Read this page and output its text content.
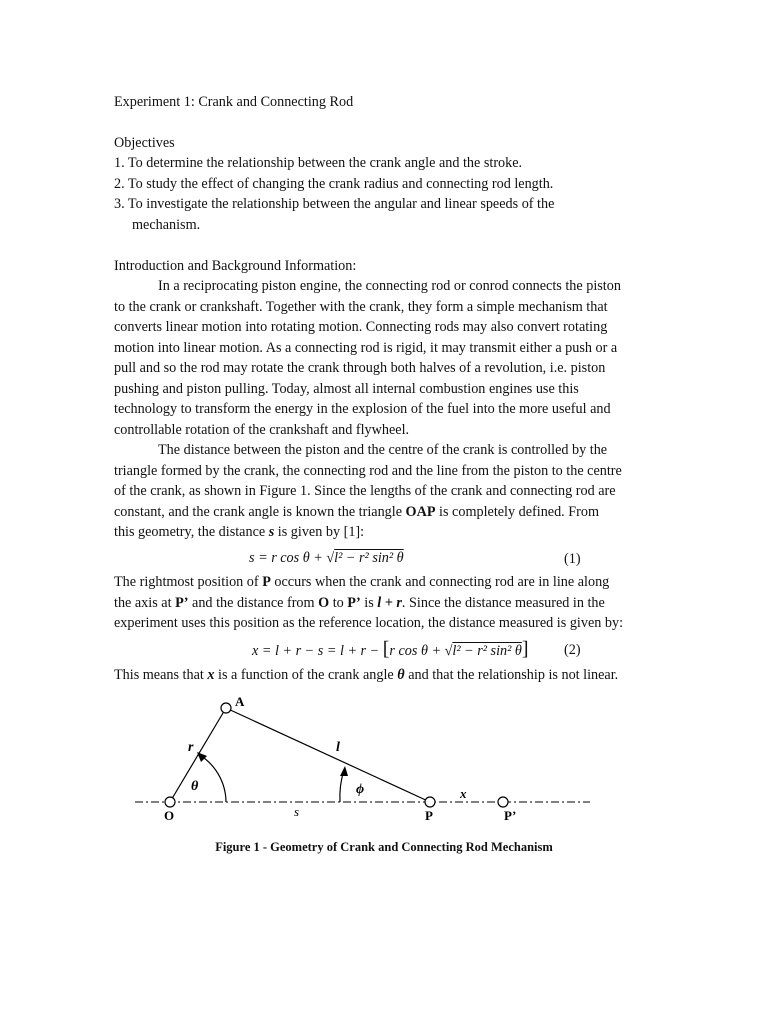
Experiment 1: Crank and Connecting Rod
Objectives
1. To determine the relationship between the crank angle and the stroke.
2. To study the effect of changing the crank radius and connecting rod length.
3. To investigate the relationship between the angular and linear speeds of the
mechanism.
Introduction and Background Information:
In a reciprocating piston engine, the connecting rod or conrod connects the piston
to the crank or crankshaft. Together with the crank, they form a simple mechanism that
converts linear motion into rotating motion. Connecting rods may also convert rotating
motion into linear motion. As a connecting rod is rigid, it may transmit either a push or a
pull and so the rod may rotate the crank through both halves of a revolution, i.e. piston
pushing and piston pulling. Today, almost all internal combustion engines use this
technology to transform the energy in the explosion of the fuel into the more useful and
controllable rotation of the crankshaft and flywheel.
The distance between the piston and the centre of the crank is controlled by the
triangle formed by the crank, the connecting rod and the line from the piston to the centre
of the crank, as shown in Figure 1. Since the lengths of the crank and connecting rod are
constant, and the crank angle is known the triangle OAP is completely defined. From
this geometry, the distance s is given by [1]:
s = r cos θ + √l² − r² sin² θ	(1)
The rightmost position of P occurs when the crank and connecting rod are in line along
the axis at P’ and the distance from O to P’ is l + r. Since the distance measured in the
experiment uses this position as the reference location, the distance measured is given by:
x = l + r − s = l + r − [r cos θ + √l² − r² sin² θ] (2)
This means that x is a function of the crank angle θ and that the relationship is not linear.
A
r	l
θ	ϕ	x
O	s	P	P’
Figure 1 - Geometry of Crank and Connecting Rod Mechanism
